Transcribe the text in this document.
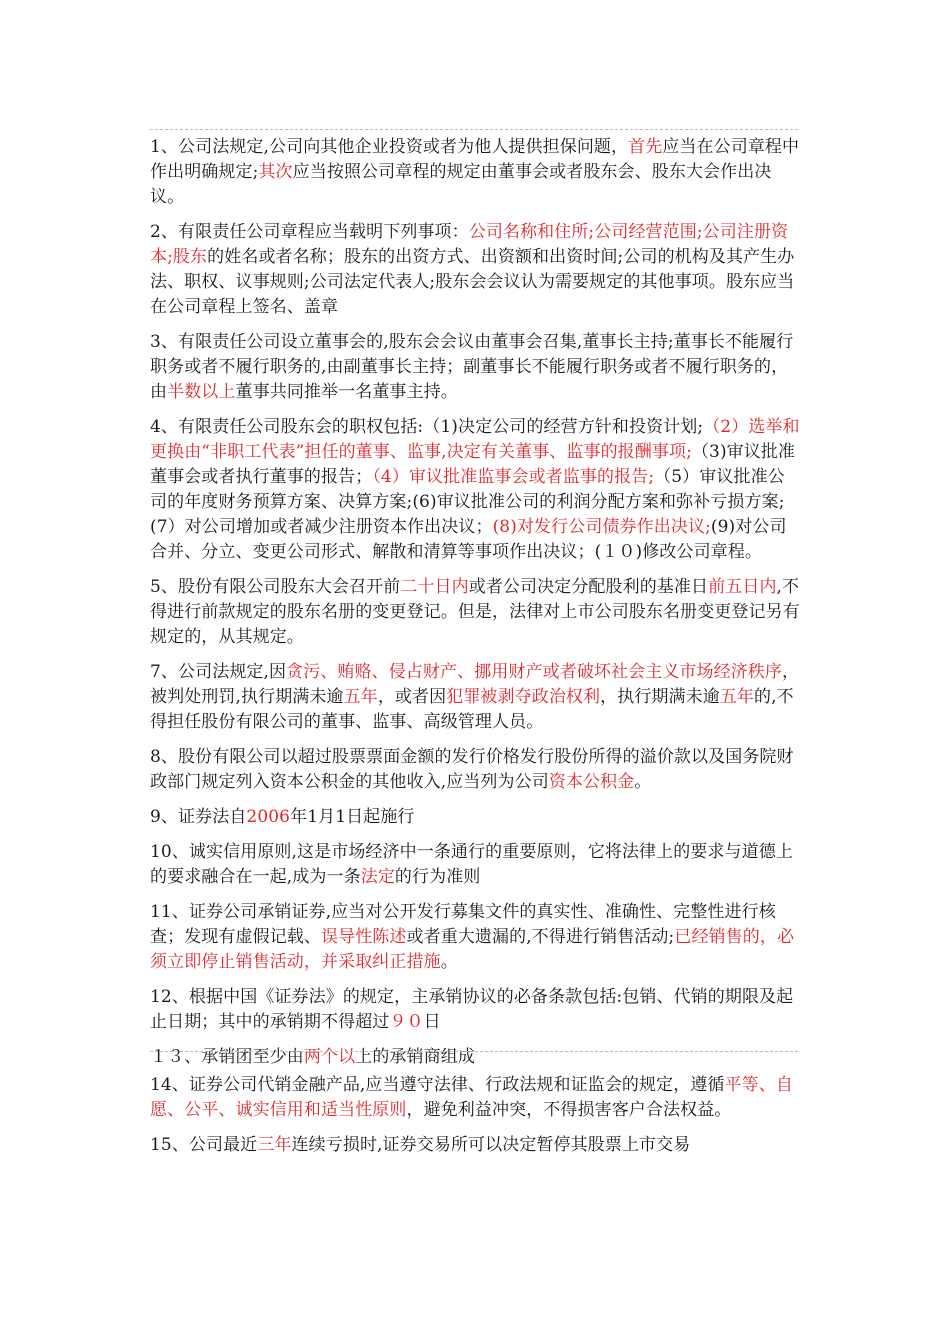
1、公司法规定,公司向其他企业投资或者为他人提供担保问题，首先应当在公司章程中作出明确规定;其次应当按照公司章程的规定由董事会或者股东会、股东大会作出决议。

2、有限责任公司章程应当载明下列事项：公司名称和住所;公司经营范围;公司注册资本;股东的姓名或者名称；股东的出资方式、出资额和出资时间;公司的机构及其产生办法、职权、议事规则;公司法定代表人;股东会会议认为需要规定的其他事项。股东应当在公司章程上签名、盖章

3、有限责任公司设立董事会的,股东会会议由董事会召集,董事长主持;董事长不能履行职务或者不履行职务的,由副董事长主持；副董事长不能履行职务或者不履行职务的，由半数以上董事共同推举一名董事主持。

4、有限责任公司股东会的职权包括:（1)决定公司的经营方针和投资计划;（2）选举和更换由“非职工代表”担任的董事、监事,决定有关董事、监事的报酬事项;（3)审议批准董事会或者执行董事的报告；（4）审议批准监事会或者监事的报告;（5）审议批准公司的年度财务预算方案、决算方案;(6)审议批准公司的利润分配方案和弥补亏损方案;(7）对公司增加或者减少注册资本作出决议；(8)对发行公司债券作出决议;(9)对公司合并、分立、变更公司形式、解散和清算等事项作出决议；(１０)修改公司章程。

5、股份有限公司股东大会召开前二十日内或者公司决定分配股利的基准日前五日内,不得进行前款规定的股东名册的变更登记。但是，法律对上市公司股东名册变更登记另有规定的，从其规定。

7、公司法规定,因贪污、贿赂、侵占财产、挪用财产或者破坏社会主义市场经济秩序，被判处刑罚,执行期满未逾五年，或者因犯罪被剥夺政治权利，执行期满未逾五年的,不得担任股份有限公司的董事、监事、高级管理人员。

8、股份有限公司以超过股票票面金额的发行价格发行股份所得的溢价款以及国务院财政部门规定列入资本公积金的其他收入,应当列为公司资本公积金。

9、证券法自2006年1月1日起施行

10、诚实信用原则,这是市场经济中一条通行的重要原则，它将法律上的要求与道德上的要求融合在一起,成为一条法定的行为准则

11、证券公司承销证券,应当对公开发行募集文件的真实性、准确性、完整性进行核查；发现有虚假记载、误导性陈述或者重大遗漏的,不得进行销售活动;已经销售的，必须立即停止销售活动，并采取纠正措施。

12、根据中国《证券法》的规定，主承销协议的必备条款包括:包销、代销的期限及起止日期；其中的承销期不得超过９０日

１３、承销团至少由两个以上的承销商组成

14、证券公司代销金融产品,应当遵守法律、行政法规和证监会的规定，遵循平等、自愿、公平、诚实信用和适当性原则，避免利益冲突，不得损害客户合法权益。

15、公司最近三年连续亏损时,证券交易所可以决定暂停其股票上市交易
